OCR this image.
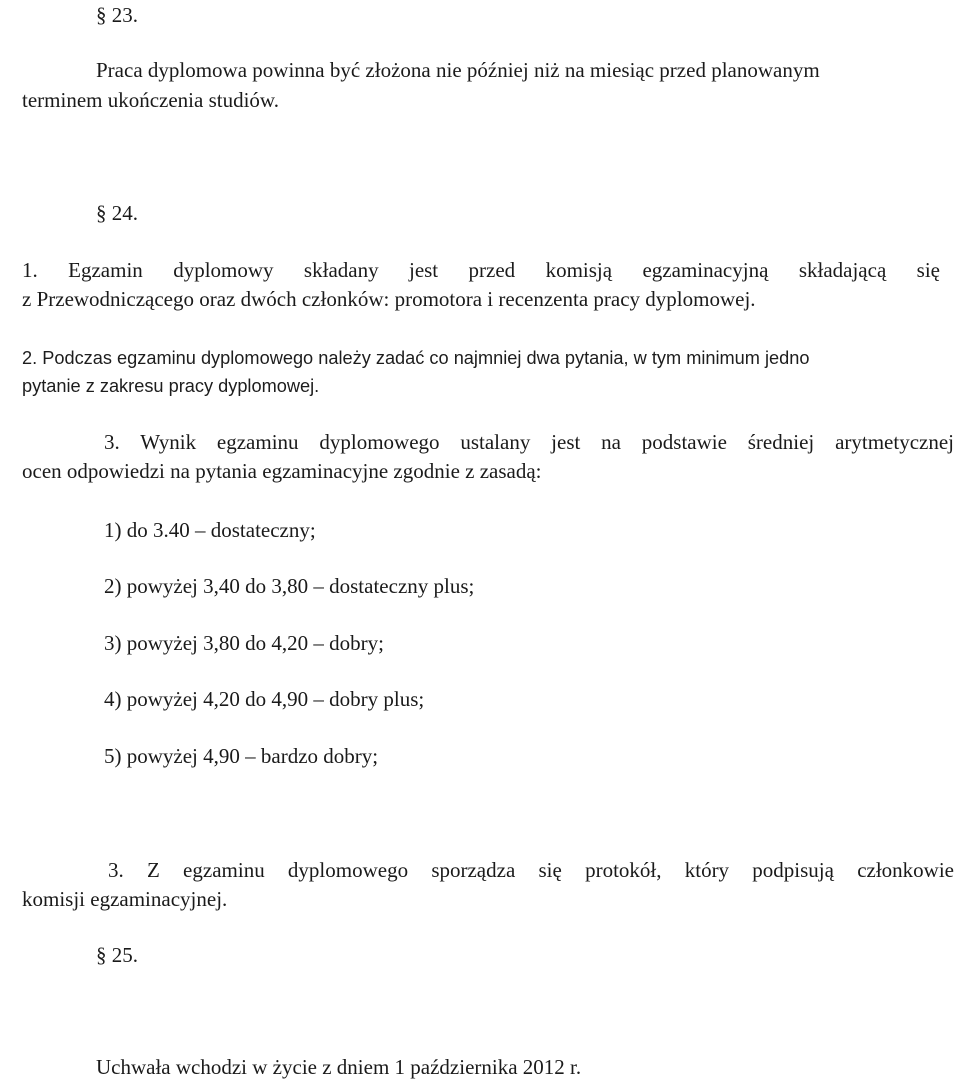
§ 23.
Praca dyplomowa powinna być złożona nie później niż na miesiąc przed planowanym
terminem ukończenia studiów.
§ 24.
1. Egzamin dyplomowy składany jest przed komisją egzaminacyjną składającą się
z Przewodniczącego oraz dwóch członków: promotora i recenzenta pracy dyplomowej.
2. Podczas egzaminu dyplomowego należy zadać co najmniej dwa pytania, w tym minimum jedno
pytanie z zakresu pracy dyplomowej.
3. Wynik egzaminu dyplomowego ustalany jest na podstawie średniej arytmetycznej
ocen odpowiedzi na pytania egzaminacyjne zgodnie z zasadą:
1) do 3.40 – dostateczny;
2) powyżej 3,40 do 3,80 – dostateczny plus;
3) powyżej 3,80 do 4,20 – dobry;
4) powyżej 4,20 do 4,90 – dobry plus;
5) powyżej 4,90 – bardzo dobry;
3. Z egzaminu dyplomowego sporządza się protokół, który podpisują członkowie
komisji egzaminacyjnej.
§ 25.
Uchwała wchodzi w życie z dniem 1 października 2012 r.
